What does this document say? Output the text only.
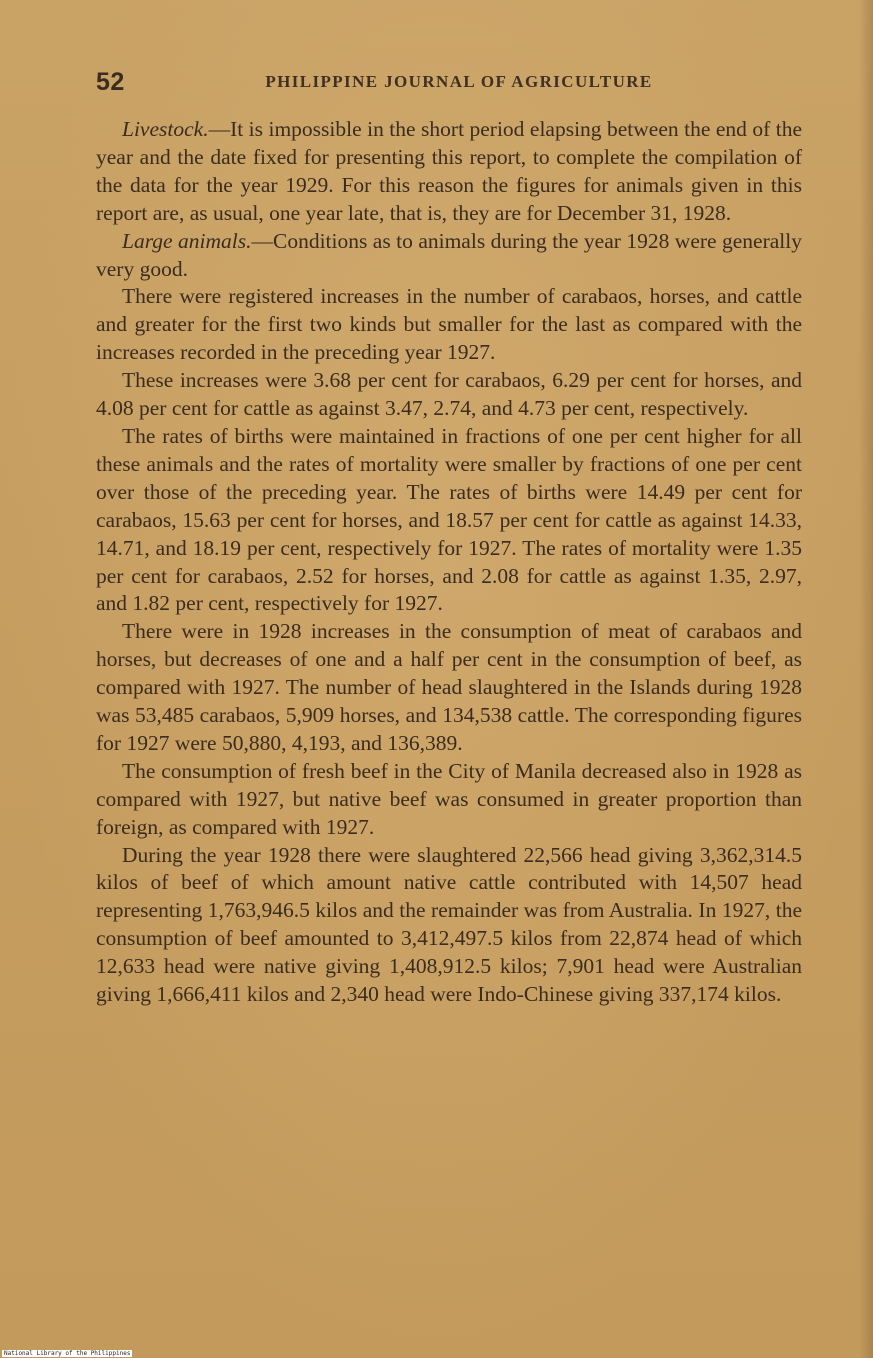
52	PHILIPPINE JOURNAL OF AGRICULTURE

Livestock.—It is impossible in the short period elapsing between the end of the year and the date fixed for presenting this report, to complete the compilation of the data for the year 1929. For this reason the figures for animals given in this report are, as usual, one year late, that is, they are for December 31, 1928.

Large animals.—Conditions as to animals during the year 1928 were generally very good.

There were registered increases in the number of carabaos, horses, and cattle and greater for the first two kinds but smaller for the last as compared with the increases recorded in the preceding year 1927.

These increases were 3.68 per cent for carabaos, 6.29 per cent for horses, and 4.08 per cent for cattle as against 3.47, 2.74, and 4.73 per cent, respectively.

The rates of births were maintained in fractions of one per cent higher for all these animals and the rates of mortality were smaller by fractions of one per cent over those of the preceding year. The rates of births were 14.49 per cent for carabaos, 15.63 per cent for horses, and 18.57 per cent for cattle as against 14.33, 14.71, and 18.19 per cent, respectively for 1927. The rates of mortality were 1.35 per cent for carabaos, 2.52 for horses, and 2.08 for cattle as against 1.35, 2.97, and 1.82 per cent, respectively for 1927.

There were in 1928 increases in the consumption of meat of carabaos and horses, but decreases of one and a half per cent in the consumption of beef, as compared with 1927. The number of head slaughtered in the Islands during 1928 was 53,485 carabaos, 5,909 horses, and 134,538 cattle. The corresponding figures for 1927 were 50,880, 4,193, and 136,389.

The consumption of fresh beef in the City of Manila decreased also in 1928 as compared with 1927, but native beef was consumed in greater proportion than foreign, as compared with 1927.

During the year 1928 there were slaughtered 22,566 head giving 3,362,314.5 kilos of beef of which amount native cattle contributed with 14,507 head representing 1,763,946.5 kilos and the remainder was from Australia. In 1927, the consumption of beef amounted to 3,412,497.5 kilos from 22,874 head of which 12,633 head were native giving 1,408,912.5 kilos; 7,901 head were Australian giving 1,666,411 kilos and 2,340 head were Indo-Chinese giving 337,174 kilos.

National Library of the Philippines
